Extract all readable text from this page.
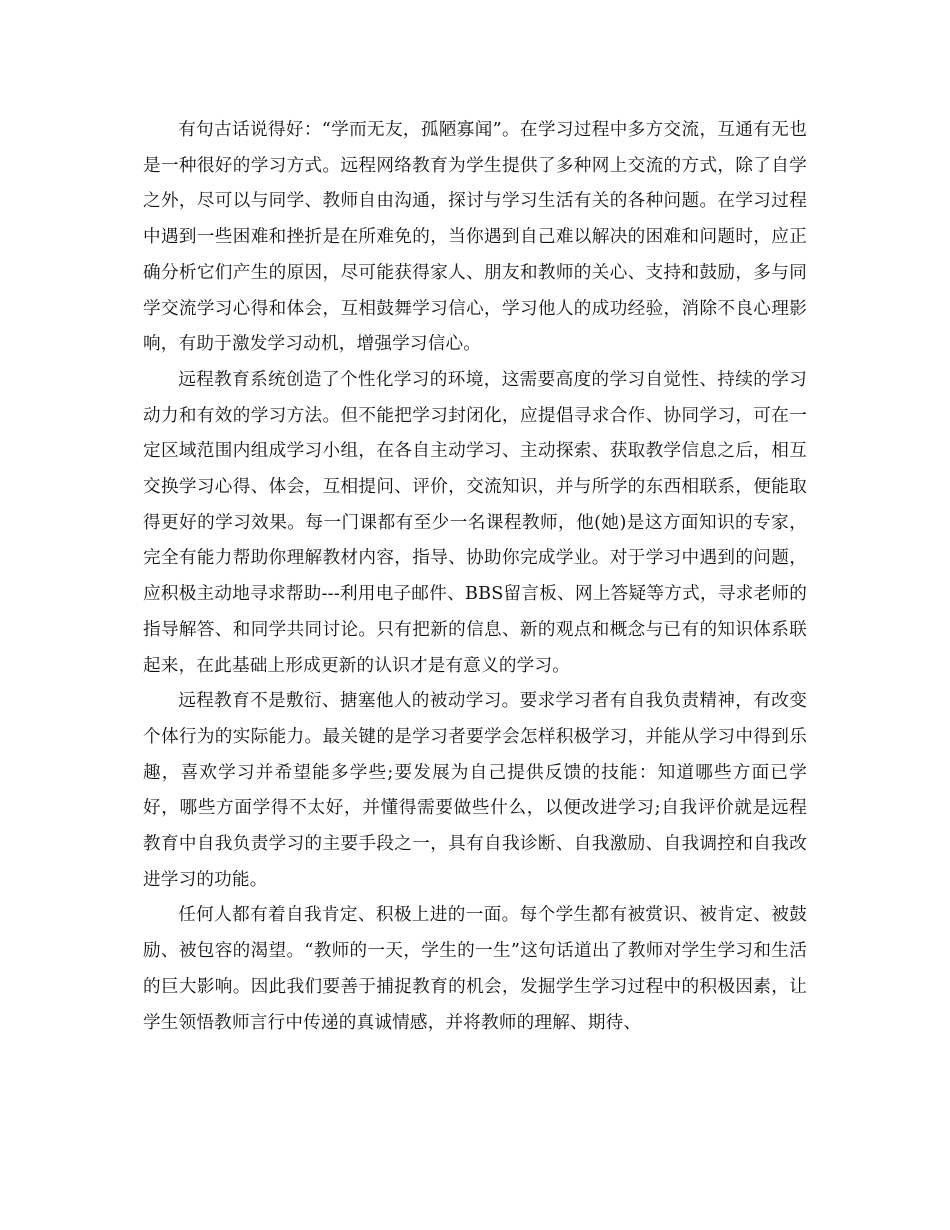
有句古话说得好：“学而无友，孤陋寡闻”。在学习过程中多方交流，互通有无也是一种很好的学习方式。远程网络教育为学生提供了多种网上交流的方式，除了自学之外，尽可以与同学、教师自由沟通，探讨与学习生活有关的各种问题。在学习过程中遇到一些困难和挫折是在所难免的，当你遇到自己难以解决的困难和问题时，应正确分析它们产生的原因，尽可能获得家人、朋友和教师的关心、支持和鼓励，多与同学交流学习心得和体会，互相鼓舞学习信心，学习他人的成功经验，消除不良心理影响，有助于激发学习动机，增强学习信心。

远程教育系统创造了个性化学习的环境，这需要高度的学习自觉性、持续的学习动力和有效的学习方法。但不能把学习封闭化，应提倡寻求合作、协同学习，可在一定区域范围内组成学习小组，在各自主动学习、主动探索、获取教学信息之后，相互交换学习心得、体会，互相提问、评价，交流知识，并与所学的东西相联系，便能取得更好的学习效果。每一门课都有至少一名课程教师，他(她)是这方面知识的专家，完全有能力帮助你理解教材内容，指导、协助你完成学业。对于学习中遇到的问题，应积极主动地寻求帮助---利用电子邮件、BBS留言板、网上答疑等方式，寻求老师的指导解答、和同学共同讨论。只有把新的信息、新的观点和概念与已有的知识体系联起来，在此基础上形成更新的认识才是有意义的学习。

远程教育不是敷衍、搪塞他人的被动学习。要求学习者有自我负责精神，有改变个体行为的实际能力。最关键的是学习者要学会怎样积极学习，并能从学习中得到乐趣，喜欢学习并希望能多学些;要发展为自己提供反馈的技能：知道哪些方面已学好，哪些方面学得不太好，并懂得需要做些什么，以便改进学习;自我评价就是远程教育中自我负责学习的主要手段之一，具有自我诊断、自我激励、自我调控和自我改进学习的功能。

任何人都有着自我肯定、积极上进的一面。每个学生都有被赏识、被肯定、被鼓励、被包容的渴望。“教师的一天，学生的一生”这句话道出了教师对学生学习和生活的巨大影响。因此我们要善于捕捉教育的机会，发掘学生学习过程中的积极因素，让学生领悟教师言行中传递的真诚情感，并将教师的理解、期待、
